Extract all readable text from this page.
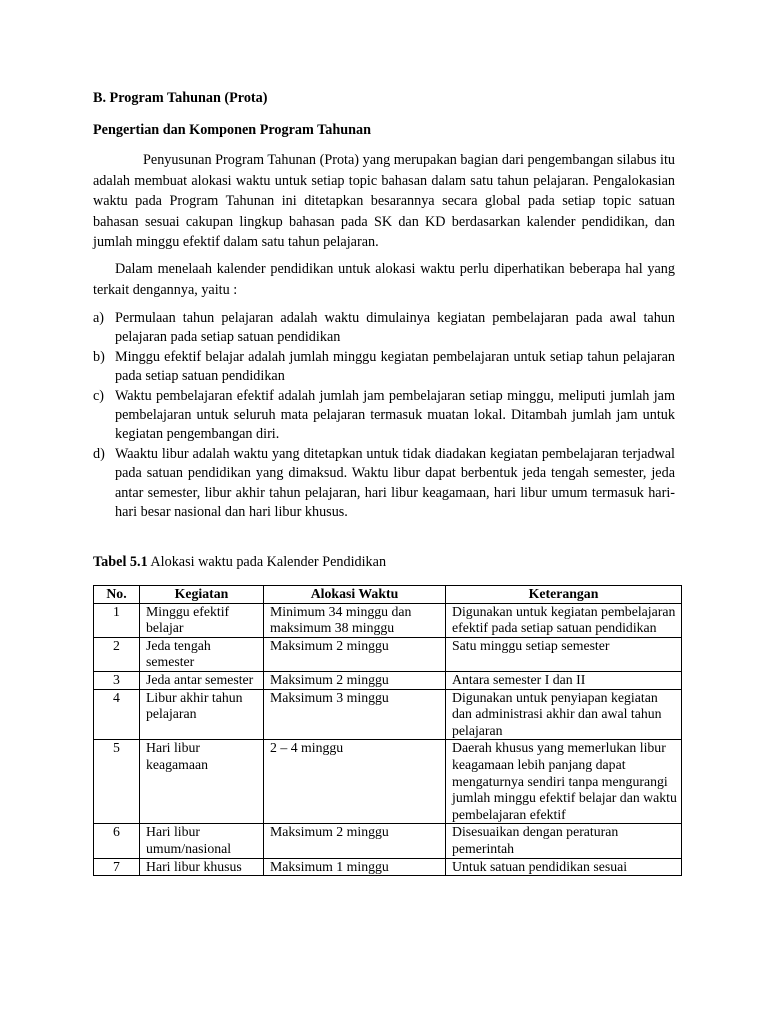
B. Program Tahunan (Prota)
Pengertian dan Komponen Program Tahunan

Penyusunan Program Tahunan (Prota) yang merupakan bagian dari pengembangan silabus itu adalah membuat alokasi waktu untuk setiap topic bahasan dalam satu tahun pelajaran. Pengalokasian waktu pada Program Tahunan ini ditetapkan besarannya secara global pada setiap topic satuan bahasan sesuai cakupan lingkup bahasan pada SK dan KD berdasarkan kalender pendidikan, dan jumlah minggu efektif dalam satu tahun pelajaran.

Dalam menelaah kalender pendidikan untuk alokasi waktu perlu diperhatikan beberapa hal yang terkait dengannya, yaitu :

a) Permulaan tahun pelajaran adalah waktu dimulainya kegiatan pembelajaran pada awal tahun pelajaran pada setiap satuan pendidikan
b) Minggu efektif belajar adalah jumlah minggu kegiatan pembelajaran untuk setiap tahun pelajaran pada setiap satuan pendidikan
c) Waktu pembelajaran efektif adalah jumlah jam pembelajaran setiap minggu, meliputi jumlah jam pembelajaran untuk seluruh mata pelajaran termasuk muatan lokal. Ditambah jumlah jam untuk kegiatan pengembangan diri.
d) Waaktu libur adalah waktu yang ditetapkan untuk tidak diadakan kegiatan pembelajaran terjadwal pada satuan pendidikan yang dimaksud. Waktu libur dapat berbentuk jeda tengah semester, jeda antar semester, libur akhir tahun pelajaran, hari libur keagamaan, hari libur umum termasuk hari-hari besar nasional dan hari libur khusus.
Tabel 5.1 Alokasi waktu pada Kalender Pendidikan
No.	Kegiatan	Alokasi Waktu	Keterangan
1	Minggu efektif belajar	Minimum 34 minggu dan maksimum 38 minggu	Digunakan untuk kegiatan pembelajaran efektif pada setiap satuan pendidikan
2	Jeda tengah semester	Maksimum 2 minggu	Satu minggu setiap semester
3	Jeda antar semester	Maksimum 2 minggu	Antara semester I dan II
4	Libur akhir tahun pelajaran	Maksimum 3 minggu	Digunakan untuk penyiapan kegiatan dan administrasi akhir dan awal tahun pelajaran
5	Hari libur keagamaan	2 – 4 minggu	Daerah khusus yang memerlukan libur keagamaan lebih panjang dapat mengaturnya sendiri tanpa mengurangi jumlah minggu efektif belajar dan waktu pembelajaran efektif
6	Hari libur umum/nasional	Maksimum 2 minggu	Disesuaikan dengan peraturan pemerintah
7	Hari libur khusus	Maksimum 1 minggu	Untuk satuan pendidikan sesuai
